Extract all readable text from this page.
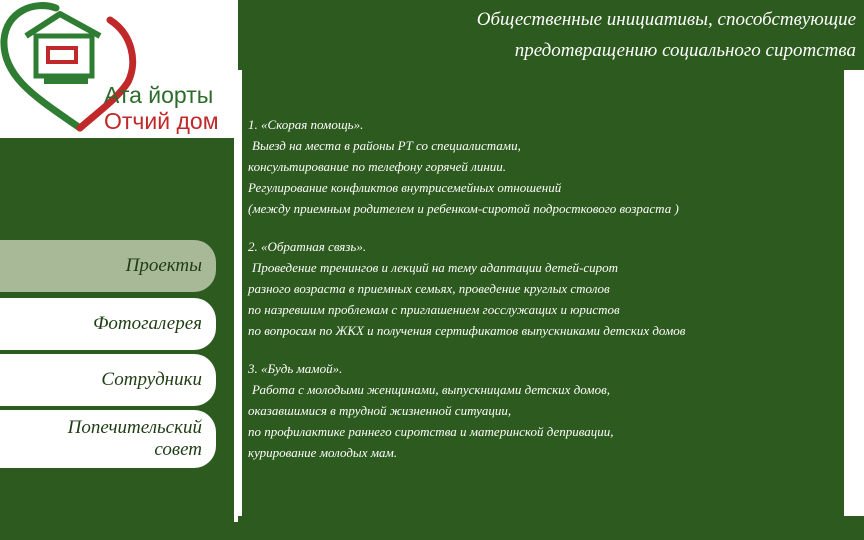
Общественные инициативы, способствующие
предотвращению социального сиротства
Ата йорты
Отчий дом
Проекты
Фотогалерея
Сотрудники
Попечительский
совет

1. «Скорая помощь».

Выезд на места в районы РТ со специалистами,

консультирование по телефону горячей линии.

Регулирование конфликтов внутрисемейных отношений

(между приемным родителем и ребенком-сиротой подросткового возраста )

2. «Обратная связь».

Проведение тренингов и лекций на тему адаптации детей-сирот

разного возраста в приемных семьях, проведение круглых столов

по назревшим проблемам с приглашением госслужащих и юристов

по вопросам по ЖКХ и получения сертификатов выпускниками детских домов

3. «Будь мамой».

Работа с молодыми женщинами, выпускницами детских домов,

оказавшимися в трудной жизненной ситуации,

по профилактике раннего сиротства и материнской депривации,

курирование молодых мам.
